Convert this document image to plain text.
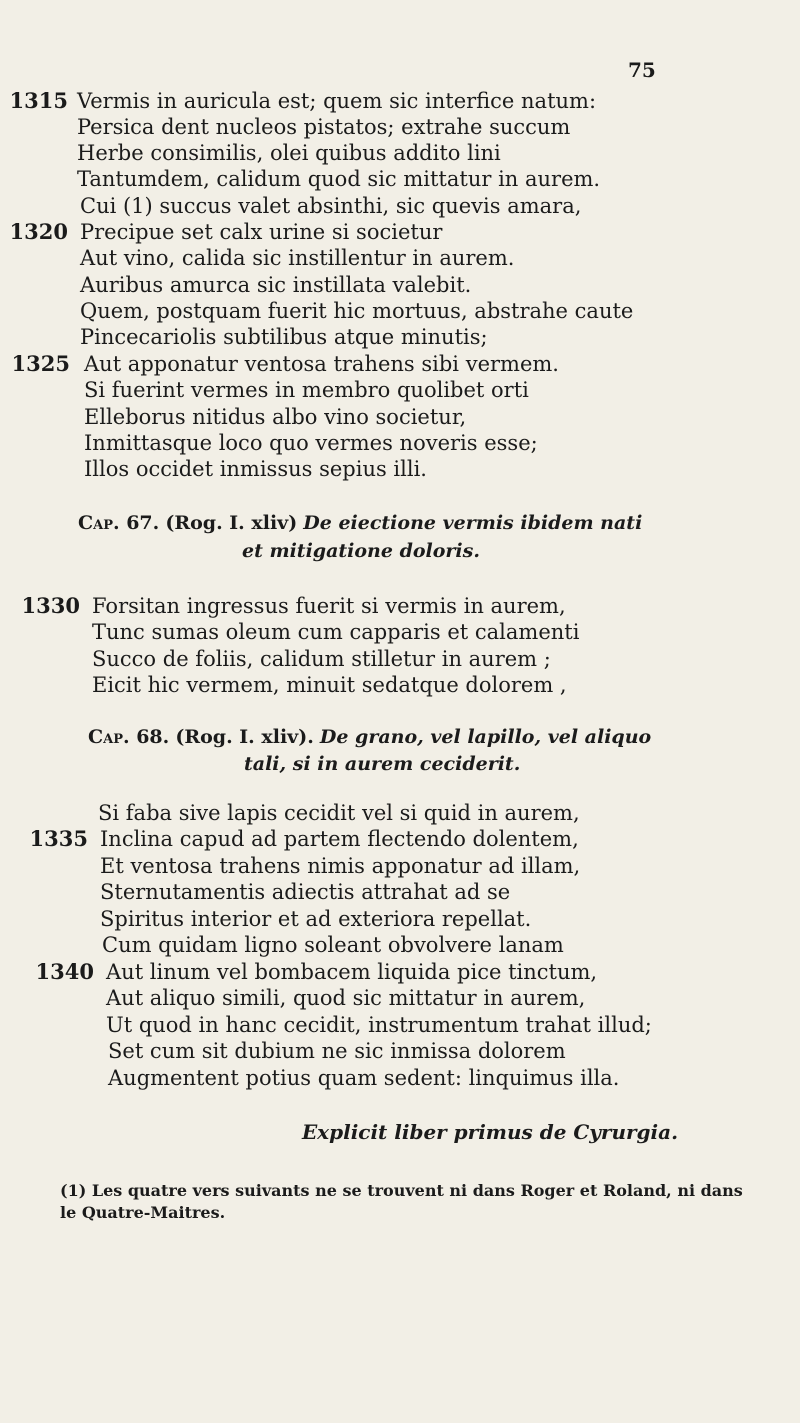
75
1315 Vermis in auricula est; quem sic interfice natum:
Persica dent nucleos pistatos; extrahe succum
Herbe consimilis, olei quibus addito lini
Tantumdem, calidum quod sic mittatur in aurem.
Cui (1) succus valet absinthi, sic quevis amara,
1320 Precipue set calx urine si societur
Aut vino, calida sic instillentur in aurem.
Auribus amurca sic instillata valebit.
Quem, postquam fuerit hic mortuus, abstrahe caute
Pincecariolis subtilibus atque minutis;
1325 Aut apponatur ventosa trahens sibi vermem.
Si fuerint vermes in membro quolibet orti
Elleborus nitidus albo vino societur,
Inmittasque loco quo vermes noveris esse;
Illos occidet inmissus sepius illi.
Cap. 67. (Rog. I. xliv) De eiectione vermis ibidem nati
et mitigatione doloris.
1330 Forsitan ingressus fuerit si vermis in aurem,
Tunc sumas oleum cum capparis et calamenti
Succo de foliis, calidum stilletur in aurem ;
Eicit hic vermem, minuit sedatque dolorem ,
Cap. 68. (Rog. I. xliv). De grano, vel lapillo, vel aliquo
tali, si in aurem ceciderit.
Si faba sive lapis cecidit vel si quid in aurem,
1335 Inclina capud ad partem flectendo dolentem,
Et ventosa trahens nimis apponatur ad illam,
Sternutamentis adiectis attrahat ad se
Spiritus interior et ad exteriora repellat.
Cum quidam ligno soleant obvolvere lanam
1340 Aut linum vel bombacem liquida pice tinctum,
Aut aliquo simili, quod sic mittatur in aurem,
Ut quod in hanc cecidit, instrumentum trahat illud;
Set cum sit dubium ne sic inmissa dolorem
Augmentent potius quam sedent: linquimus illa.
Explicit liber primus de Cyrurgia.
(1) Les quatre vers suivants ne se trouvent ni dans Roger et Roland, ni dans le Quatre-Maitres.
